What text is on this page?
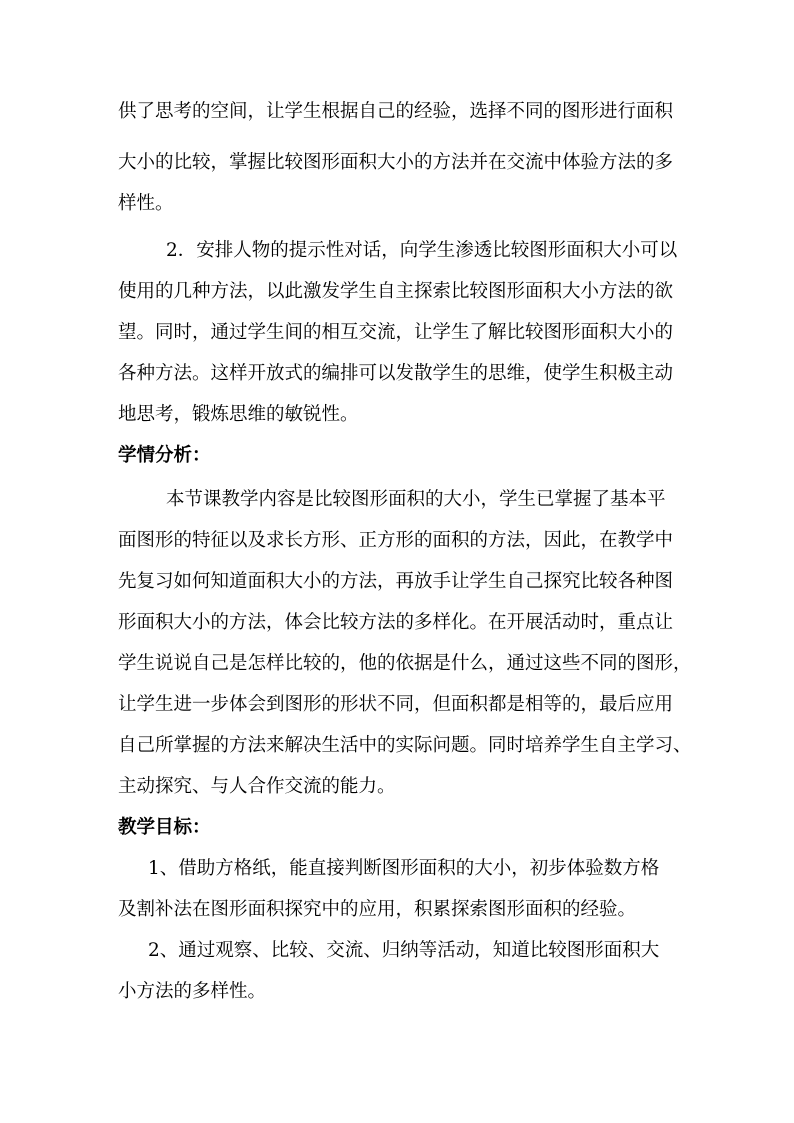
供了思考的空间，让学生根据自己的经验，选择不同的图形进行面积
大小的比较，掌握比较图形面积大小的方法并在交流中体验方法的多
样性。
2．安排人物的提示性对话，向学生渗透比较图形面积大小可以
使用的几种方法，以此激发学生自主探索比较图形面积大小方法的欲
望。同时，通过学生间的相互交流，让学生了解比较图形面积大小的
各种方法。这样开放式的编排可以发散学生的思维，使学生积极主动
地思考，锻炼思维的敏锐性。
学情分析：
本节课教学内容是比较图形面积的大小，学生已掌握了基本平
面图形的特征以及求长方形、正方形的面积的方法，因此，在教学中
先复习如何知道面积大小的方法，再放手让学生自己探究比较各种图
形面积大小的方法，体会比较方法的多样化。在开展活动时，重点让
学生说说自己是怎样比较的，他的依据是什么，通过这些不同的图形，
让学生进一步体会到图形的形状不同，但面积都是相等的，最后应用
自己所掌握的方法来解决生活中的实际问题。同时培养学生自主学习、
主动探究、与人合作交流的能力。
教学目标：
1、借助方格纸，能直接判断图形面积的大小，初步体验数方格
及割补法在图形面积探究中的应用，积累探索图形面积的经验。
2、通过观察、比较、交流、归纳等活动，知道比较图形面积大
小方法的多样性。
